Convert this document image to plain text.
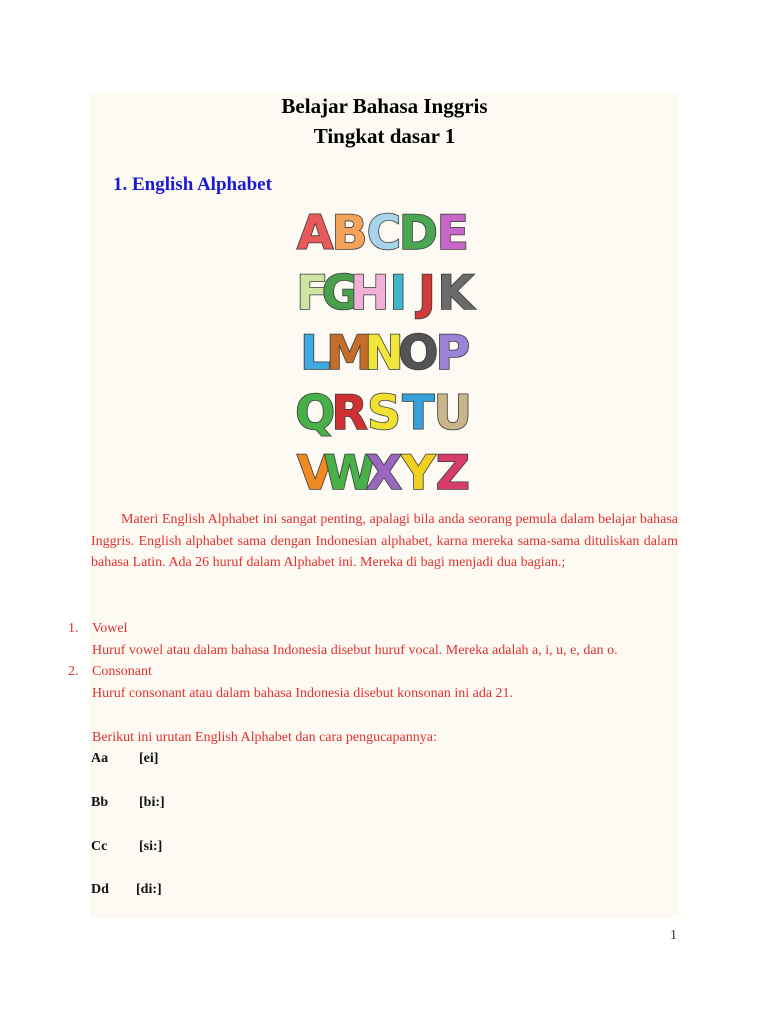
Belajar Bahasa Inggris
Tingkat dasar 1
1. English Alphabet
A
B C
D
E
F
G
H I J K
L
M
N
O
P
Q
R S T U
V
W
X Y Z

Materi English Alphabet ini sangat penting, apalagi bila anda seorang pemula dalam belajar bahasa Inggris. English alphabet sama dengan Indonesian alphabet, karna mereka sama-sama dituliskan dalam bahasa Latin. Ada 26 huruf dalam Alphabet ini. Mereka di bagi menjadi dua bagian.;

1. Vowel
Huruf vowel atau dalam bahasa Indonesia disebut huruf vocal. Mereka adalah a, i, u, e, dan o.
2. Consonant
Huruf consonant atau dalam bahasa Indonesia disebut konsonan ini ada 21.
Berikut ini urutan English Alphabet dan cara pengucapannya:
Aa [ei]
Bb [bi:]
Cc [si:]
Dd [di:]
1
